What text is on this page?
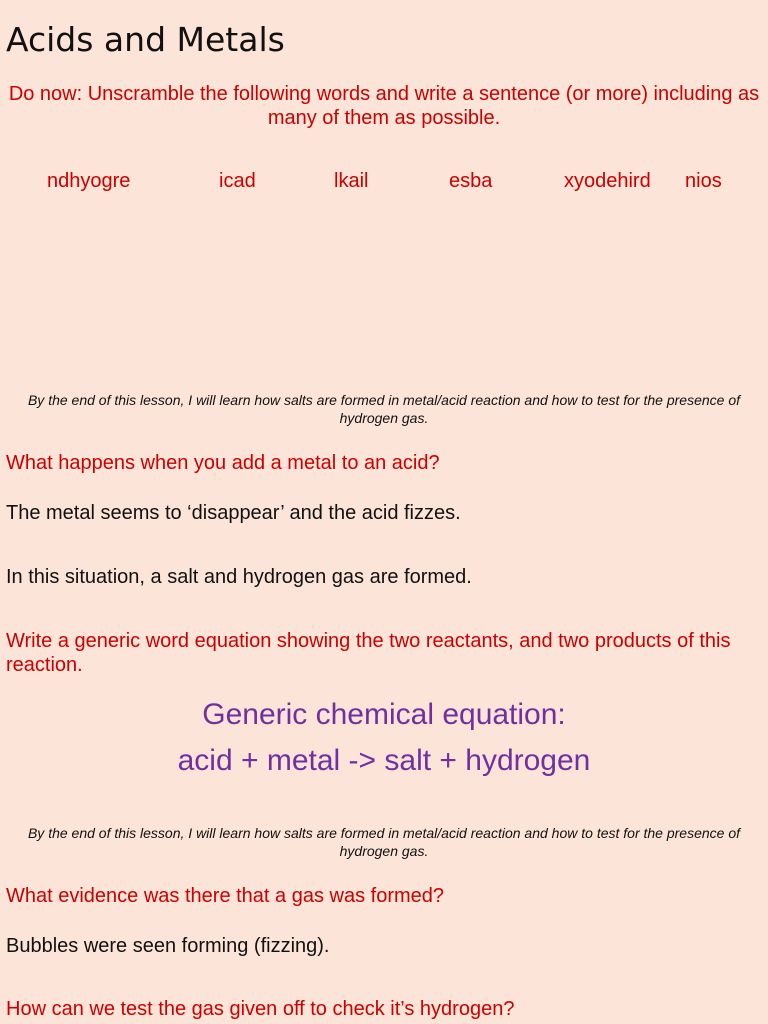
Acids and Metals
Do now: Unscramble the following words and write a sentence (or more) including as many of them as possible.
ndhyogre	icad	lkail	esba	xyodehird nios
By the end of this lesson, I will learn how salts are formed in metal/acid reaction and how to test for the presence of hydrogen gas.
What happens when you add a metal to an acid?
The metal seems to ‘disappear’ and the acid fizzes.
In this situation, a salt and hydrogen gas are formed.
Write a generic word equation showing the two reactants, and two products of this reaction.
Generic chemical equation:
acid + metal -> salt + hydrogen
By the end of this lesson, I will learn how salts are formed in metal/acid reaction and how to test for the presence of hydrogen gas.
What evidence was there that a gas was formed?
Bubbles were seen forming (fizzing).
How can we test the gas given off to check it’s hydrogen?
